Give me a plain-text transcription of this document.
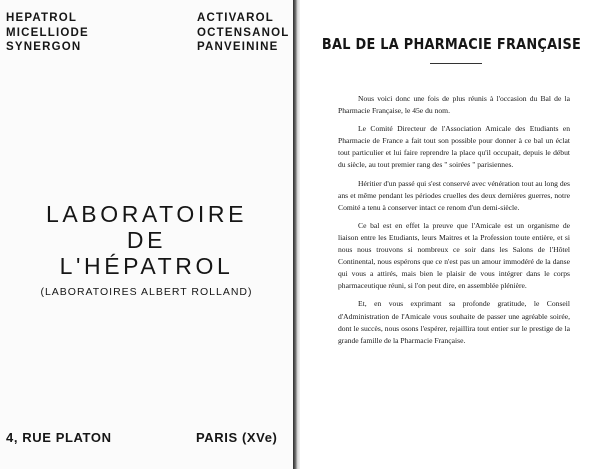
HEPATROL
MICELLIODE
SYNERGON
ACTIVAROL
OCTENSANOL
PANVEININE
LABORATOIRE
DE
L'HÉPATROL
(LABORATOIRES ALBERT ROLLAND)
4, RUE PLATON	PARIS (XVe)
BAL DE LA PHARMACIE FRANÇAISE

Nous voici donc une fois de plus réunis à l'occasion du Bal de la Pharmacie Française, le 45e du nom.

Le Comité Directeur de l'Association Amicale des Etudiants en Pharmacie de France a fait tout son possible pour donner à ce bal un éclat tout particulier et lui faire reprendre la place qu'il occupait, depuis le début du siècle, au tout premier rang des " soirées " parisiennes.

Héritier d'un passé qui s'est conservé avec vénération tout au long des ans et même pendant les périodes cruelles des deux dernières guerres, notre Comité a tenu à conserver intact ce renom d'un demi-siècle.

Ce bal est en effet la preuve que l'Amicale est un organisme de liaison entre les Etudiants, leurs Maitres et la Profession toute entière, et si nous nous trouvons si nombreux ce soir dans les Salons de l'Hôtel Continental, nous espérons que ce n'est pas un amour immodéré de la danse qui vous a attirés, mais bien le plaisir de vous intégrer dans le corps pharmaceutique réuni, si l'on peut dire, en assemblée plénière.

Et, en vous exprimant sa profonde gratitude, le Conseil d'Administration de l'Amicale vous souhaite de passer une agréable soirée, dont le succès, nous osons l'espérer, rejaillira tout entier sur le prestige de la grande famille de la Pharmacie Française.
